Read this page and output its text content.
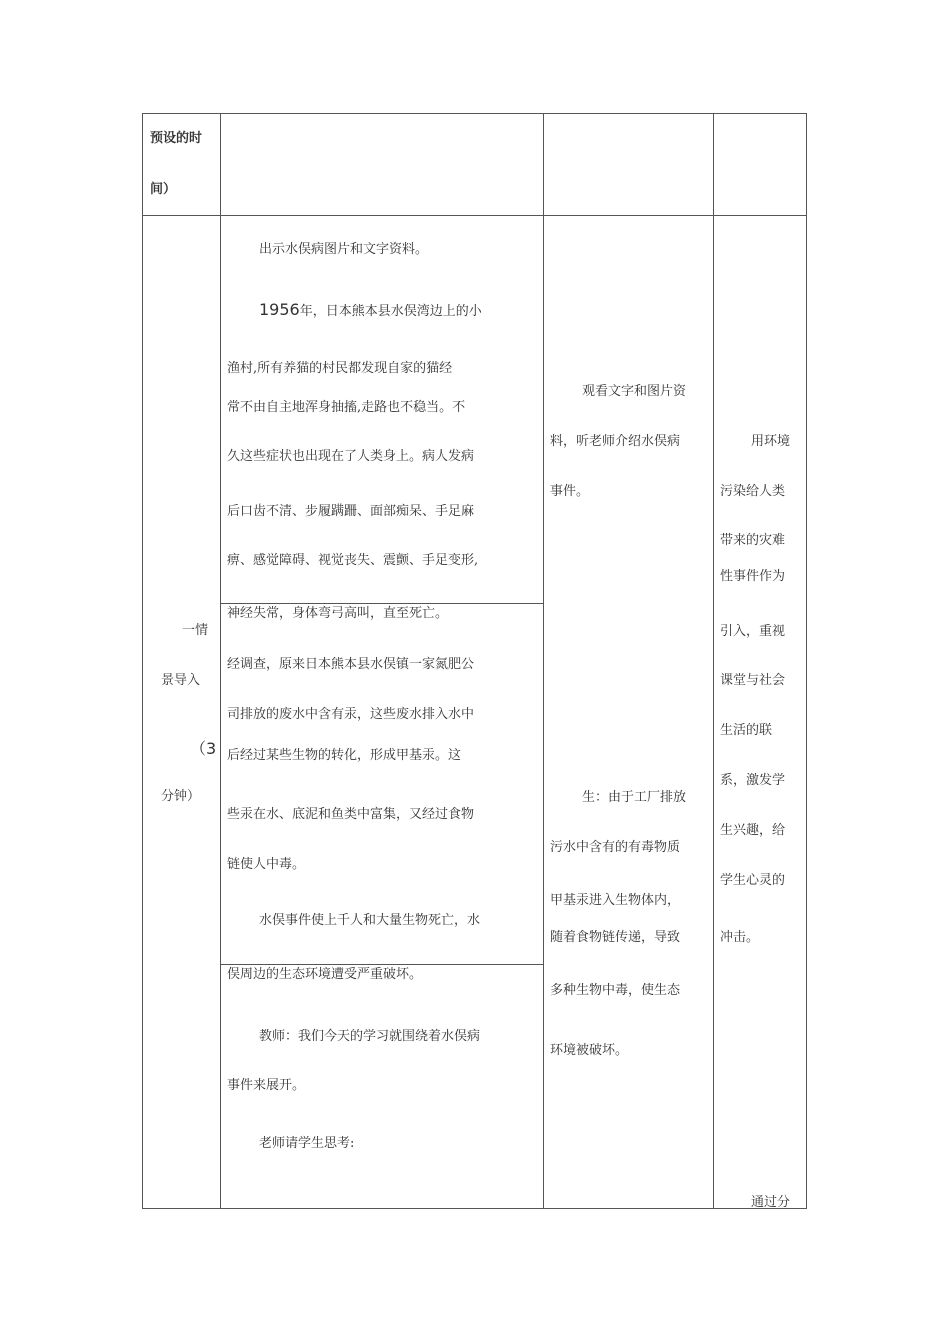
预设的时
间）
一情
景导入
（3
分钟）
出示水俣病图片和文字资料。
1956年，日本熊本县水俣湾边上的小
渔村,所有养猫的村民都发现自家的猫经
常不由自主地浑身抽搐,走路也不稳当。不
久这些症状也出现在了人类身上。病人发病
后口齿不清、步履蹒跚、面部痴呆、手足麻
痹、感觉障碍、视觉丧失、震颤、手足变形,
神经失常，身体弯弓高叫，直至死亡。
经调查，原来日本熊本县水俣镇一家氮肥公
司排放的废水中含有汞，这些废水排入水中
后经过某些生物的转化，形成甲基汞。这
些汞在水、底泥和鱼类中富集，又经过食物
链使人中毒。
水俣事件使上千人和大量生物死亡，水
俣周边的生态环境遭受严重破坏。
教师：我们今天的学习就围绕着水俣病
事件来展开。
老师请学生思考:
观看文字和图片资
料，听老师介绍水俣病
事件。
生：由于工厂排放
污水中含有的有毒物质
甲基汞进入生物体内，
随着食物链传递，导致
多种生物中毒，使生态
环境被破坏。
用环境
污染给人类
带来的灾难
性事件作为
引入，重视
课堂与社会
生活的联
系，激发学
生兴趣，给
学生心灵的
冲击。
通过分
